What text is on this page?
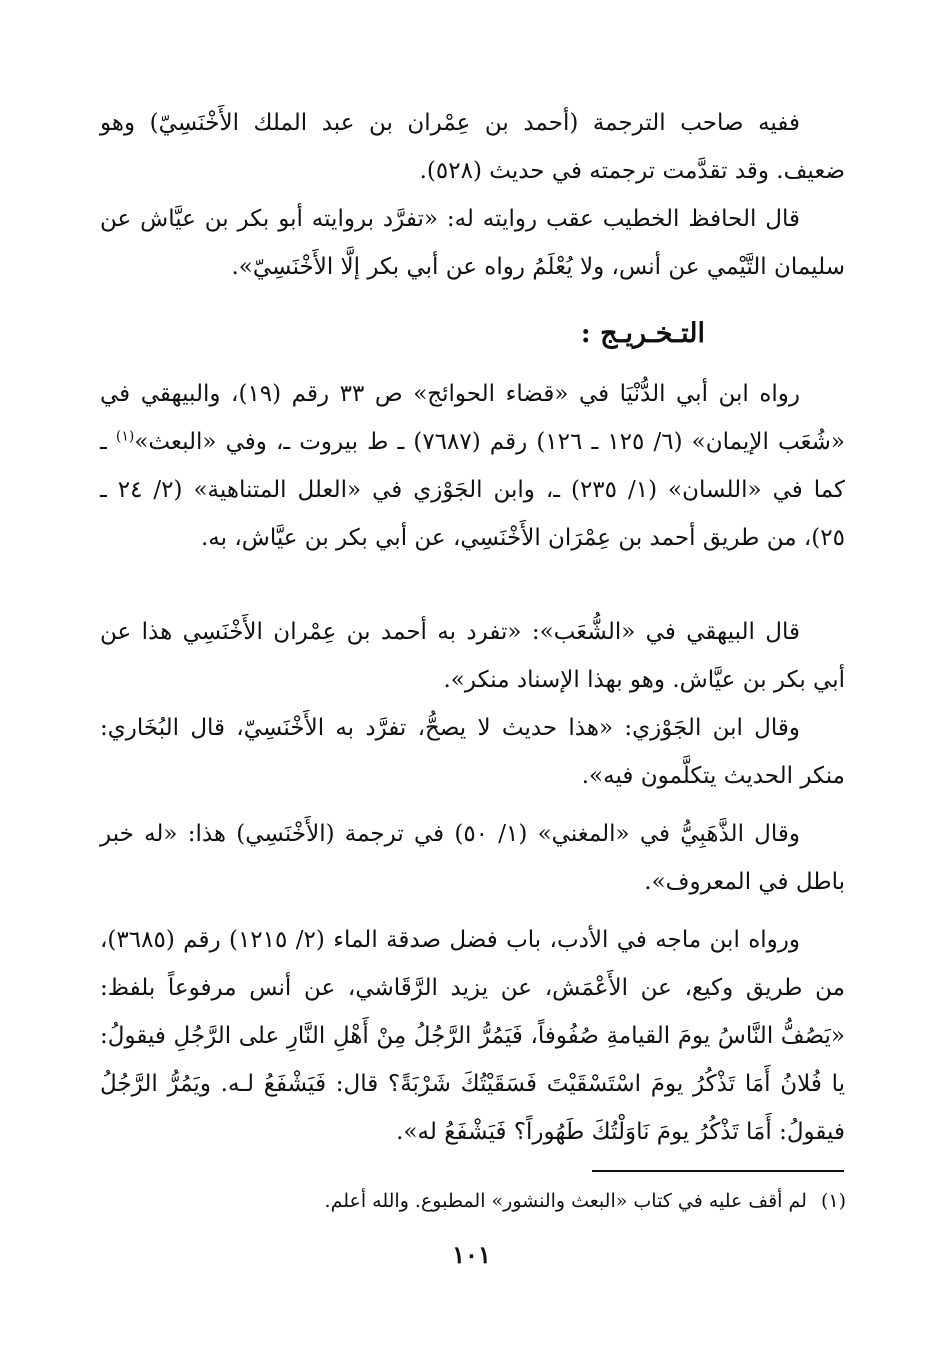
ففيه صاحب الترجمة (أحمد بن عِمْران بن عبد الملك الأَخْنَسِيّ) وهو ضعيف. وقد تقدَّمت ترجمته في حديث (٥٢٨).
قال الحافظ الخطيب عقب روايته له: «تفرَّد بروايته أبو بكر بن عيَّاش عن سليمان التَّيْمي عن أنس، ولا يُعْلَمُ رواه عن أبي بكر إلَّا الأَخْنَسِيّ».
التـخـريـج :
رواه ابن أبي الدُّنْيَا في «قضاء الحوائج» ص ٣٣ رقم (١٩)، والبيهقي في «شُعَب الإيمان» (٦/ ١٢٥ ـ ١٢٦) رقم (٧٦٨٧) ـ ط بيروت ـ، وفي «البعث»$^{(١)}$ ـ كما في «اللسان» (١/ ٢٣٥) ـ، وابن الجَوْزي في «العلل المتناهية» (٢/ ٢٤ ـ ٢٥)، من طريق أحمد بن عِمْرَان الأَخْنَسِي، عن أبي بكر بن عيَّاش، به.
قال البيهقي في «الشُّعَب»: «تفرد به أحمد بن عِمْران الأَخْنَسِي هذا عن أبي بكر بن عيَّاش. وهو بهذا الإسناد منكر».
وقال ابن الجَوْزي: «هذا حديث لا يصحُّ، تفرَّد به الأَخْنَسِيّ، قال البُخَاري: منكر الحديث يتكلَّمون فيه».
وقال الذَّهَبِيُّ في «المغني» (١/ ٥٠) في ترجمة (الأَخْنَسِي) هذا: «له خبر باطل في المعروف».
ورواه ابن ماجه في الأدب، باب فضل صدقة الماء (٢/ ١٢١٥) رقم (٣٦٨٥)، من طريق وكيع، عن الأَعْمَش، عن يزيد الرَّقَاشي، عن أنس مرفوعاً بلفظ: «يَصُفُّ النَّاسُ يومَ القيامةِ صُفُوفاً، فَيَمُرُّ الرَّجُلُ مِنْ أَهْلِ النَّارِ على الرَّجُلِ فيقولُ: يا فُلانُ أَمَا تَذْكُرُ يومَ اسْتَسْقَيْتَ فَسَقَيْتُكَ شَرْبَةً؟ قال: فَيَشْفَعُ لـه. ويَمُرُّ الرَّجُلُ فيقولُ: أَمَا تَذْكُرُ يومَ نَاوَلْتُكَ طَهُوراً؟ فَيَشْفَعُ له».
(١)لم أقف عليه في كتاب «البعث والنشور» المطبوع. والله أعلم.
١٠١
